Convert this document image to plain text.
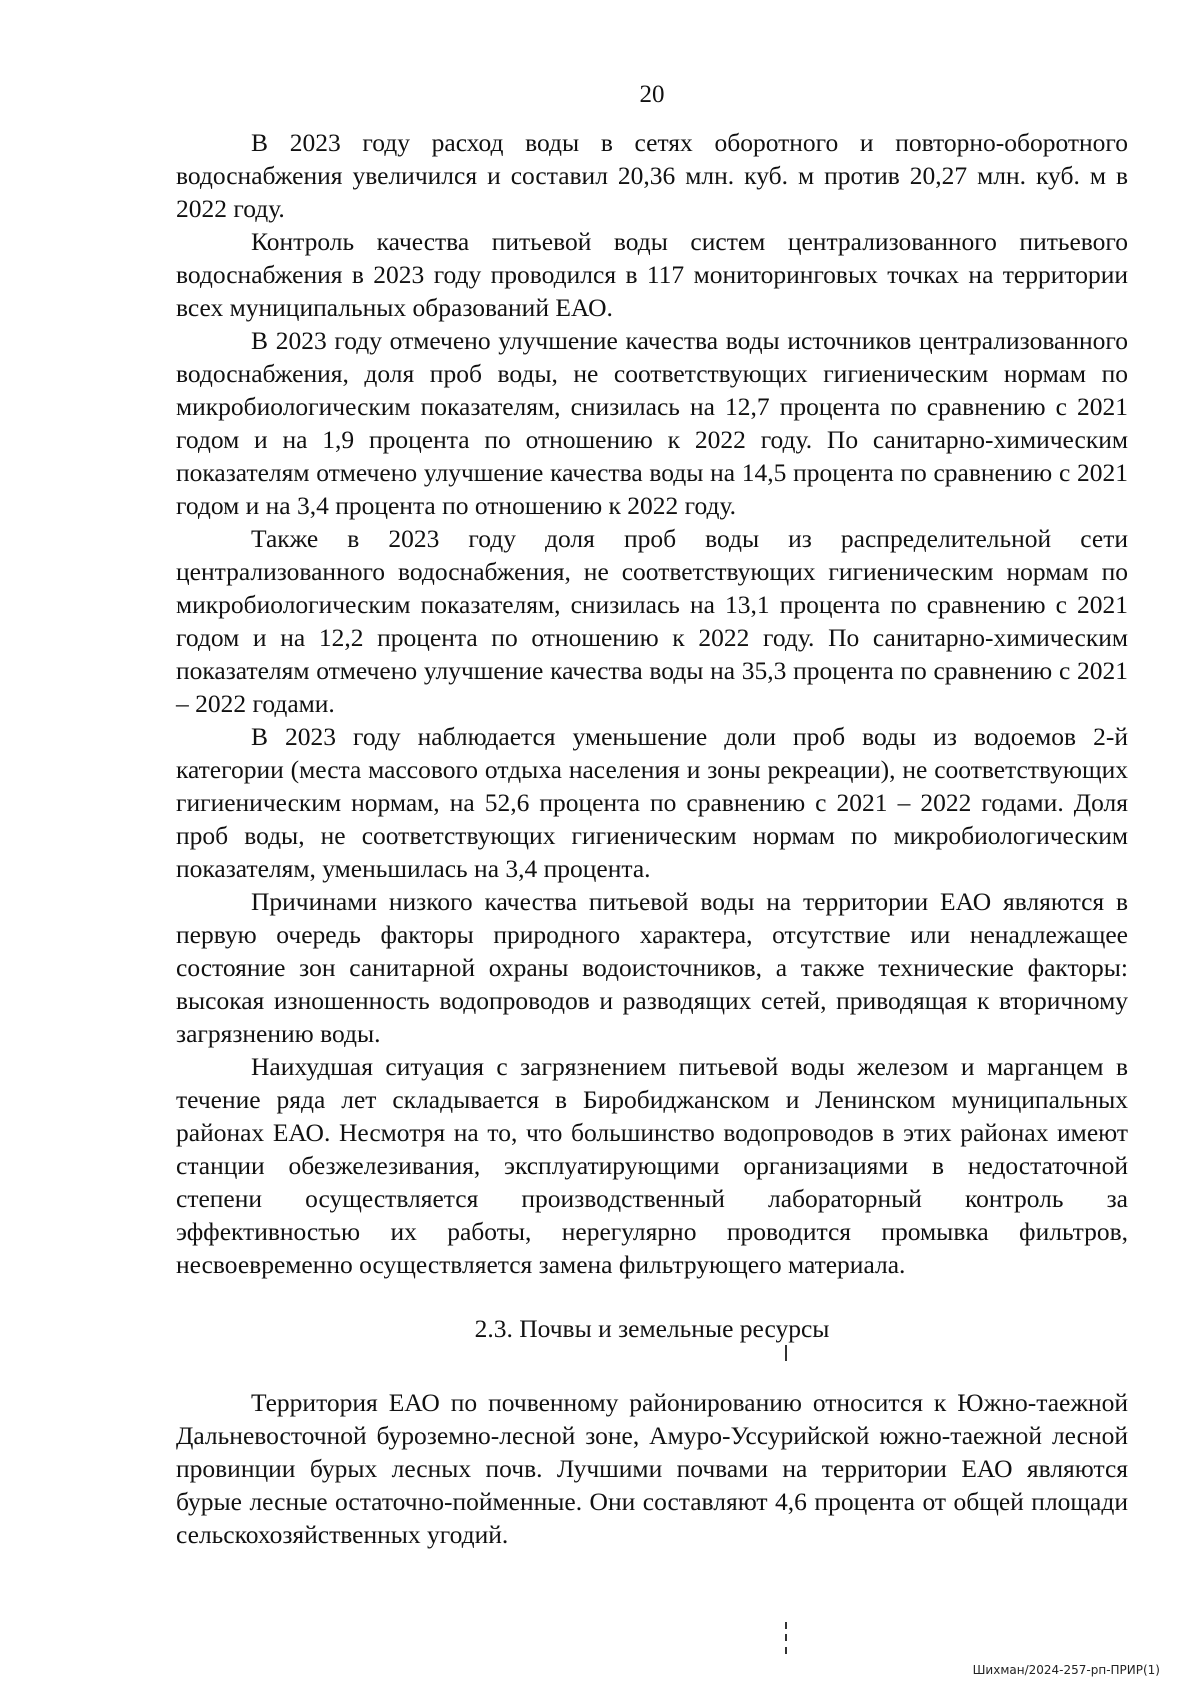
20

В 2023 году расход воды в сетях оборотного и повторно-оборотного водоснабжения увеличился и составил 20,36 млн. куб. м против 20,27 млн. куб. м в 2022 году.

Контроль качества питьевой воды систем централизованного питьевого водоснабжения в 2023 году проводился в 117 мониторинговых точках на территории всех муниципальных образований ЕАО.

В 2023 году отмечено улучшение качества воды источников централизованного водоснабжения, доля проб воды, не соответствующих гигиеническим нормам по микробиологическим показателям, снизилась на 12,7 процента по сравнению с 2021 годом и на 1,9 процента по отношению к 2022 году. По санитарно-химическим показателям отмечено улучшение качества воды на 14,5 процента по сравнению с 2021 годом и на 3,4 процента по отношению к 2022 году.

Также в 2023 году доля проб воды из распределительной сети централизованного водоснабжения, не соответствующих гигиеническим нормам по микробиологическим показателям, снизилась на 13,1 процента по сравнению с 2021 годом и на 12,2 процента по отношению к 2022 году. По санитарно-химическим показателям отмечено улучшение качества воды на 35,3 процента по сравнению с 2021 – 2022 годами.

В 2023 году наблюдается уменьшение доли проб воды из водоемов 2-й категории (места массового отдыха населения и зоны рекреации), не соответствующих гигиеническим нормам, на 52,6 процента по сравнению с 2021 – 2022 годами. Доля проб воды, не соответствующих гигиеническим нормам по микробиологическим показателям, уменьшилась на 3,4 процента.

Причинами низкого качества питьевой воды на территории ЕАО являются в первую очередь факторы природного характера, отсутствие или ненадлежащее состояние зон санитарной охраны водоисточников, а также технические факторы: высокая изношенность водопроводов и разводящих сетей, приводящая к вторичному загрязнению воды.

Наихудшая ситуация с загрязнением питьевой воды железом и марганцем в течение ряда лет складывается в Биробиджанском и Ленинском муниципальных районах ЕАО. Несмотря на то, что большинство водопроводов в этих районах имеют станции обезжелезивания, эксплуатирующими организациями в недостаточной степени осуществляется производственный лабораторный контроль за эффективностью их работы, нерегулярно проводится промывка фильтров, несвоевременно осуществляется замена фильтрующего материала.

2.3. Почвы и земельные ресурсы

Территория ЕАО по почвенному районированию относится к Южно-таежной Дальневосточной буроземно-лесной зоне, Амуро-Уссурийской южно-таежной лесной провинции бурых лесных почв. Лучшими почвами на территории ЕАО являются бурые лесные остаточно-пойменные. Они составляют 4,6 процента от общей площади сельскохозяйственных угодий.

Шихман/2024-257-рп-ПРИР(1)
